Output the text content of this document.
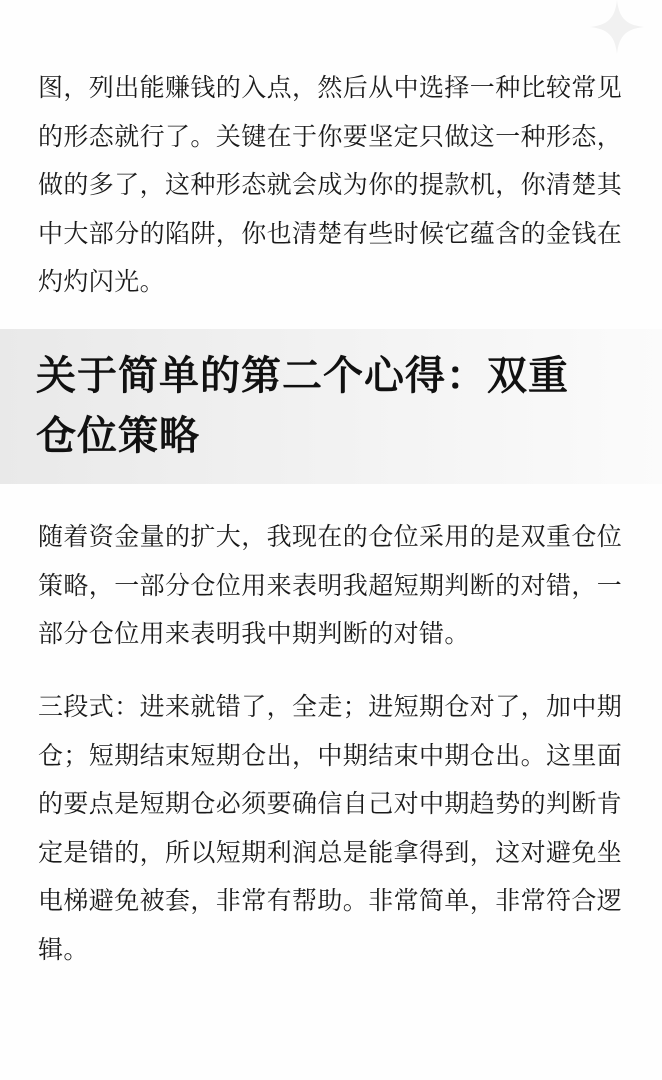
图，列出能赚钱的入点，然后从中选择一种比较常见
的形态就行了。关键在于你要坚定只做这一种形态，
做的多了，这种形态就会成为你的提款机，你清楚其
中大部分的陷阱，你也清楚有些时候它蕴含的金钱在
灼灼闪光。

关于简单的第二个心得：双重
仓位策略

随着资金量的扩大，我现在的仓位采用的是双重仓位
策略，一部分仓位用来表明我超短期判断的对错，一
部分仓位用来表明我中期判断的对错。

三段式：进来就错了，全走；进短期仓对了，加中期
仓；短期结束短期仓出，中期结束中期仓出。这里面
的要点是短期仓必须要确信自己对中期趋势的判断肯
定是错的，所以短期利润总是能拿得到，这对避免坐
电梯避免被套，非常有帮助。非常简单，非常符合逻
辑。
